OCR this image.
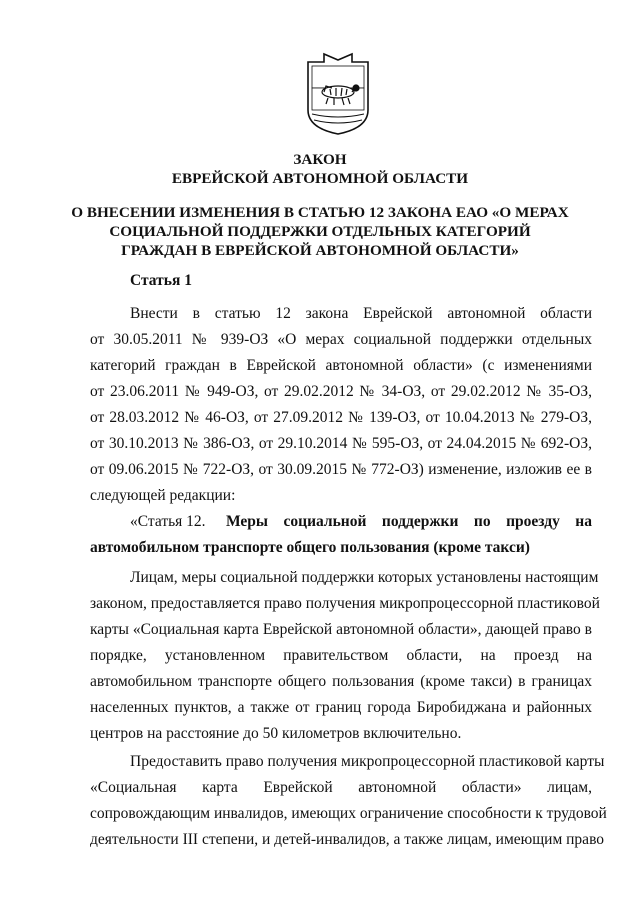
ЗАКОН
ЕВРЕЙСКОЙ АВТОНОМНОЙ ОБЛАСТИ
О ВНЕСЕНИИ ИЗМЕНЕНИЯ В СТАТЬЮ 12 ЗАКОНА ЕАО «О МЕРАХ
СОЦИАЛЬНОЙ ПОДДЕРЖКИ ОТДЕЛЬНЫХ КАТЕГОРИЙ
ГРАЖДАН В ЕВРЕЙСКОЙ АВТОНОМНОЙ ОБЛАСТИ»
Статья 1
Внести в статью 12 закона Еврейской автономной области
от 30.05.2011 № 939-ОЗ «О мерах социальной поддержки отдельных
категорий граждан в Еврейской автономной области» (с изменениями
от 23.06.2011 № 949-ОЗ, от 29.02.2012 № 34-ОЗ, от 29.02.2012 № 35-ОЗ,
от 28.03.2012 № 46-ОЗ, от 27.09.2012 № 139-ОЗ, от 10.04.2013 № 279-ОЗ,
от 30.10.2013 № 386-ОЗ, от 29.10.2014 № 595-ОЗ, от 24.04.2015 № 692-ОЗ,
от 09.06.2015 № 722-ОЗ, от 30.09.2015 № 772-ОЗ) изменение, изложив ее в
следующей редакции:
«Статья 12. Меры социальной поддержки по проезду на
автомобильном транспорте общего пользования (кроме такси)
Лицам, меры социальной поддержки которых установлены настоящим
законом, предоставляется право получения микропроцессорной пластиковой
карты «Социальная карта Еврейской автономной области», дающей право в
порядке, установленном правительством области, на проезд на
автомобильном транспорте общего пользования (кроме такси) в границах
населенных пунктов, а также от границ города Биробиджана и районных
центров на расстояние до 50 километров включительно.
Предоставить право получения микропроцессорной пластиковой карты
«Социальная карта Еврейской автономной области» лицам,
сопровождающим инвалидов, имеющих ограничение способности к трудовой
деятельности III степени, и детей-инвалидов, а также лицам, имеющим право
